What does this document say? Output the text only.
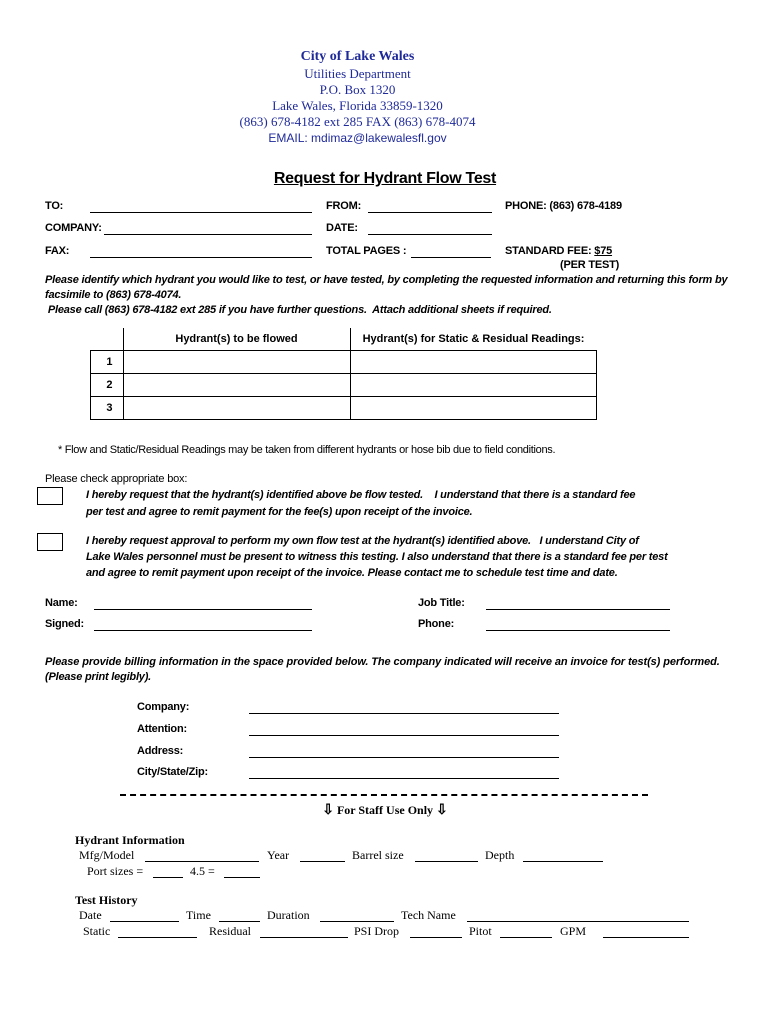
City of Lake Wales
Utilities Department
P.O. Box 1320
Lake Wales, Florida 33859-1320
(863) 678-4182 ext 285 FAX (863) 678-4074
EMAIL: mdimaz@lakewalesfl.gov
Request for Hydrant Flow Test
TO:	FROM:	PHONE: (863) 678-4189
COMPANY:	DATE:
FAX:	TOTAL PAGES :	STANDARD FEE: $75
(PER TEST)
Please identify which hydrant you would like to test, or have tested, by completing the requested information and returning this form by
facsimile to (863) 678-4074.
Please call (863) 678-4182 ext 285 if you have further questions.  Attach additional sheets if required.
	Hydrant(s) to be flowed	Hydrant(s) for Static & Residual Readings:
1		
2		
3		
* Flow and Static/Residual Readings may be taken from different hydrants or hose bib due to field conditions.
Please check appropriate box:
I hereby request that the hydrant(s) identified above be flow tested.    I understand that there is a standard fee
per test and agree to remit payment for the fee(s) upon receipt of the invoice.
I hereby request approval to perform my own flow test at the hydrant(s) identified above.   I understand City of
Lake Wales personnel must be present to witness this testing. I also understand that there is a standard fee per test
and agree to remit payment upon receipt of the invoice. Please contact me to schedule test time and date.
Name:	Job Title:
Signed:	Phone:
Please provide billing information in the space provided below. The company indicated will receive an invoice for test(s) performed.
(Please print legibly).
Company:
Attention:
Address:
City/State/Zip:
⇩ For Staff Use Only ⇩
Hydrant Information
Mfg/Model	Year	Barrel size	Depth
Port sizes =	4.5 =
Test History
Date	Time	Duration	Tech Name
Static	Residual	PSI Drop	Pitot	GPM
